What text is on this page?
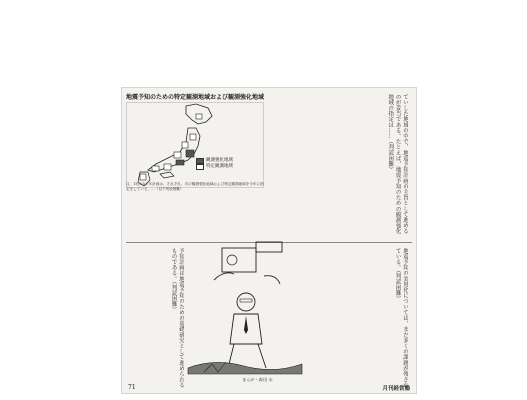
地震予知のための特定観測地域および観測強化地域
観測強化地域
特定観測地域
注．1回の5ヵ年計画は，それぞれ，次の観測強化地域および特定観測地域を今年に指定をしている，…（以下判読困難）	ていした地域の中で，地震予知計画の主旨として進めるのが妥当である。たとえば，地震予知のための観測強化地域の指定は……（判読困難）
予知計画は地震予知のための基礎研究として進められるものである。（判読困難）
まんが・森田 永	地震予知の実用化については，まだ多くの課題が残されている。（判読困難）
71	月刊経営塾
